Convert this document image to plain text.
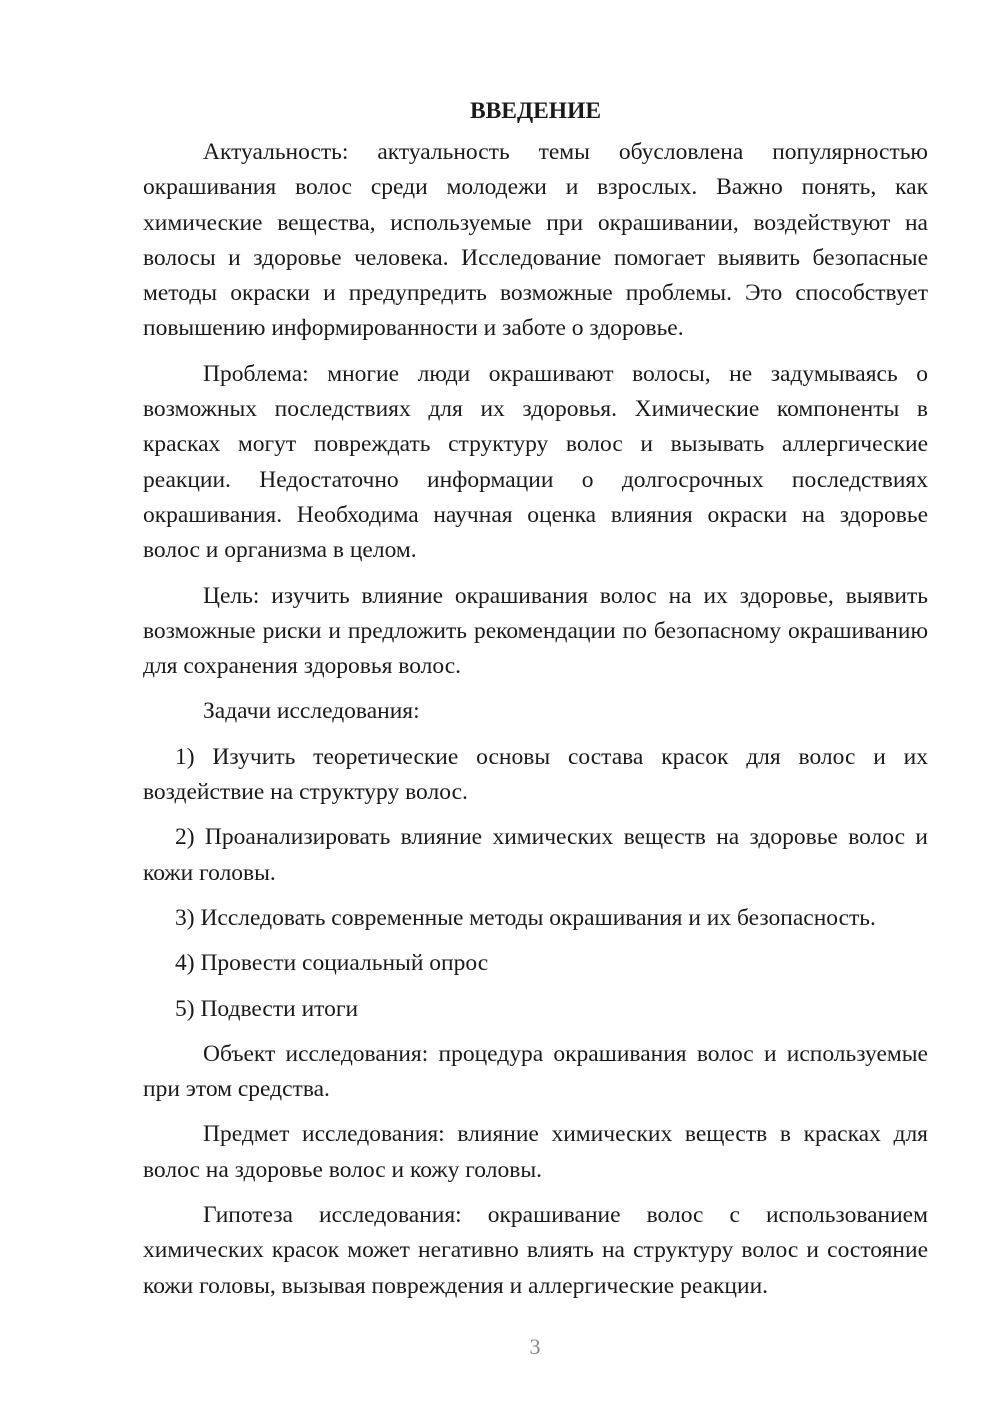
ВВЕДЕНИЕ

Актуальность: актуальность темы обусловлена популярностью окрашивания волос среди молодежи и взрослых. Важно понять, как химические вещества, используемые при окрашивании, воздействуют на волосы и здоровье человека. Исследование помогает выявить безопасные методы окраски и предупредить возможные проблемы. Это способствует повышению информированности и заботе о здоровье.

Проблема: многие люди окрашивают волосы, не задумываясь о возможных последствиях для их здоровья. Химические компоненты в красках могут повреждать структуру волос и вызывать аллергические реакции. Недостаточно информации о долгосрочных последствиях окрашивания. Необходима научная оценка влияния окраски на здоровье волос и организма в целом.

Цель: изучить влияние окрашивания волос на их здоровье, выявить возможные риски и предложить рекомендации по безопасному окрашиванию для сохранения здоровья волос.

Задачи исследования:

1) Изучить теоретические основы состава красок для волос и их воздействие на структуру волос.

2) Проанализировать влияние химических веществ на здоровье волос и кожи головы.

3) Исследовать современные методы окрашивания и их безопасность.

4) Провести социальный опрос

5) Подвести итоги

Объект исследования: процедура окрашивания волос и используемые при этом средства.

Предмет исследования: влияние химических веществ в красках для волос на здоровье волос и кожу головы.

Гипотеза исследования: окрашивание волос с использованием химических красок может негативно влиять на структуру волос и состояние кожи головы, вызывая повреждения и аллергические реакции.

3
